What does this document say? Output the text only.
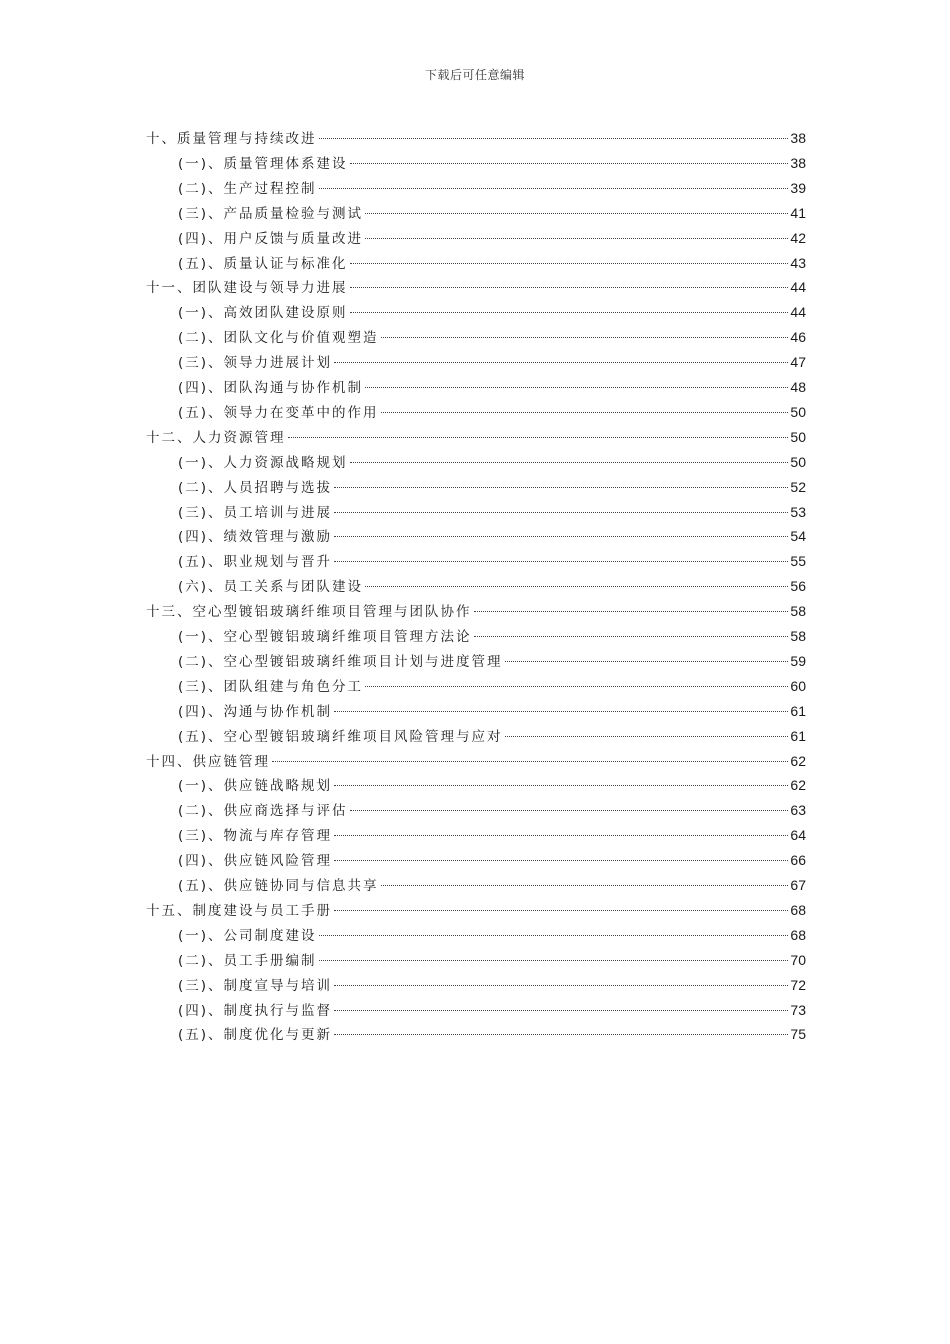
下载后可任意编辑
十、质量管理与持续改进	38
(一)、质量管理体系建设	38
(二)、生产过程控制	39
(三)、产品质量检验与测试	41
(四)、用户反馈与质量改进	42
(五)、质量认证与标准化	43
十一、团队建设与领导力进展	44
(一)、高效团队建设原则	44
(二)、团队文化与价值观塑造	46
(三)、领导力进展计划	47
(四)、团队沟通与协作机制	48
(五)、领导力在变革中的作用	50
十二、人力资源管理	50
(一)、人力资源战略规划	50
(二)、人员招聘与选拔	52
(三)、员工培训与进展	53
(四)、绩效管理与激励	54
(五)、职业规划与晋升	55
(六)、员工关系与团队建设	56
十三、空心型镀铝玻璃纤维项目管理与团队协作	58
(一)、空心型镀铝玻璃纤维项目管理方法论	58
(二)、空心型镀铝玻璃纤维项目计划与进度管理	59
(三)、团队组建与角色分工	60
(四)、沟通与协作机制	61
(五)、空心型镀铝玻璃纤维项目风险管理与应对	61
十四、供应链管理	62
(一)、供应链战略规划	62
(二)、供应商选择与评估	63
(三)、物流与库存管理	64
(四)、供应链风险管理	66
(五)、供应链协同与信息共享	67
十五、制度建设与员工手册	68
(一)、公司制度建设	68
(二)、员工手册编制	70
(三)、制度宣导与培训	72
(四)、制度执行与监督	73
(五)、制度优化与更新	75
